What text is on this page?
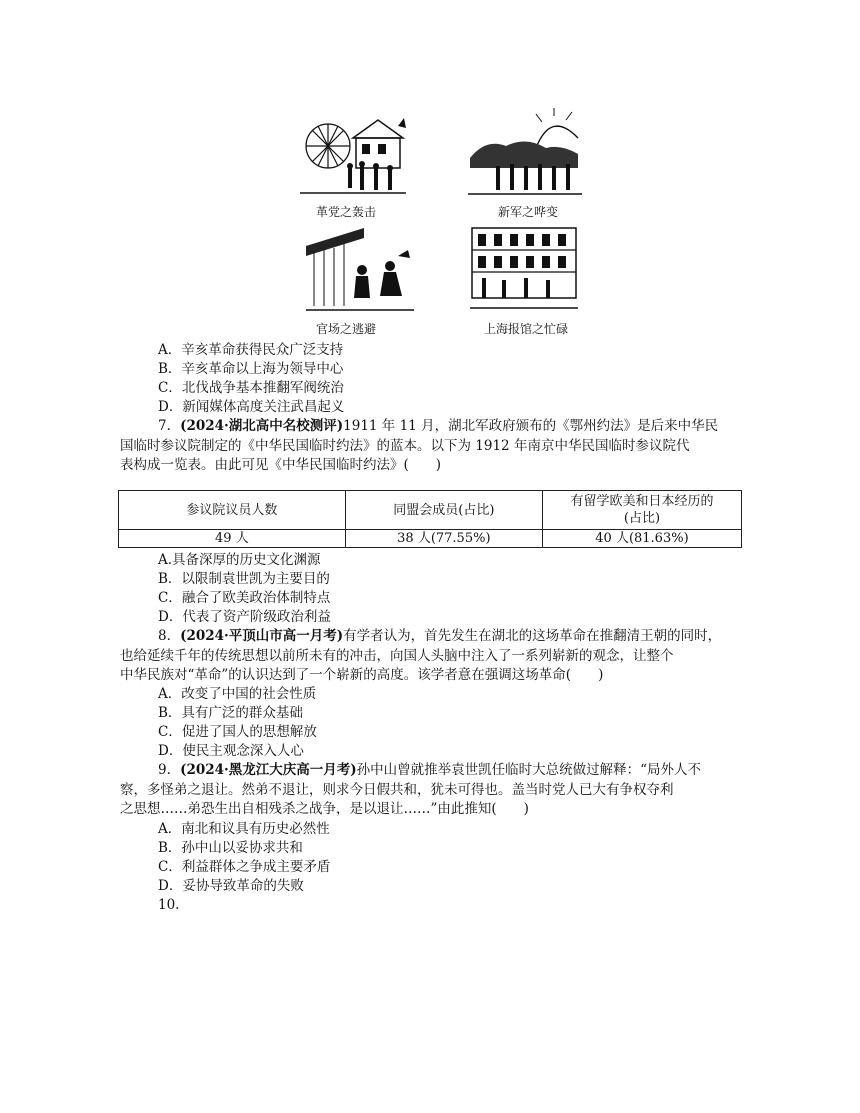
革党之轰击	新军之哗变
官场之逃避	上海报馆之忙碌
A．辛亥革命获得民众广泛支持
B．辛亥革命以上海为领导中心
C．北伐战争基本推翻军阀统治
D．新闻媒体高度关注武昌起义
7．(2024·湖北高中名校测评)1911 年 11 月，湖北军政府颁布的《鄂州约法》是后来中华民
国临时参议院制定的《中华民国临时约法》的蓝本。以下为 1912 年南京中华民国临时参议院代
表构成一览表。由此可见《中华民国临时约法》(　　)
参议院议员人数	同盟会成员(占比)	有留学欧美和日本经历的
(占比)
49 人	38 人(77.55%)	40 人(81.63%)
A.具备深厚的历史文化渊源
B．以限制袁世凯为主要目的
C．融合了欧美政治体制特点
D．代表了资产阶级政治利益
8．(2024·平顶山市高一月考)有学者认为，首先发生在湖北的这场革命在推翻清王朝的同时，
也给延续千年的传统思想以前所未有的冲击，向国人头脑中注入了一系列崭新的观念，让整个
中华民族对“革命”的认识达到了一个崭新的高度。该学者意在强调这场革命(　　)
A．改变了中国的社会性质
B．具有广泛的群众基础
C．促进了国人的思想解放
D．使民主观念深入人心
9．(2024·黑龙江大庆高一月考)孙中山曾就推举袁世凯任临时大总统做过解释：“局外人不
察，多怪弟之退让。然弟不退让，则求今日假共和，犹未可得也。盖当时党人已大有争权夺利
之思想……弟恐生出自相残杀之战争，是以退让……”由此推知(　　)
A．南北和议具有历史必然性
B．孙中山以妥协求共和
C．利益群体之争成主要矛盾
D．妥协导致革命的失败
10.
